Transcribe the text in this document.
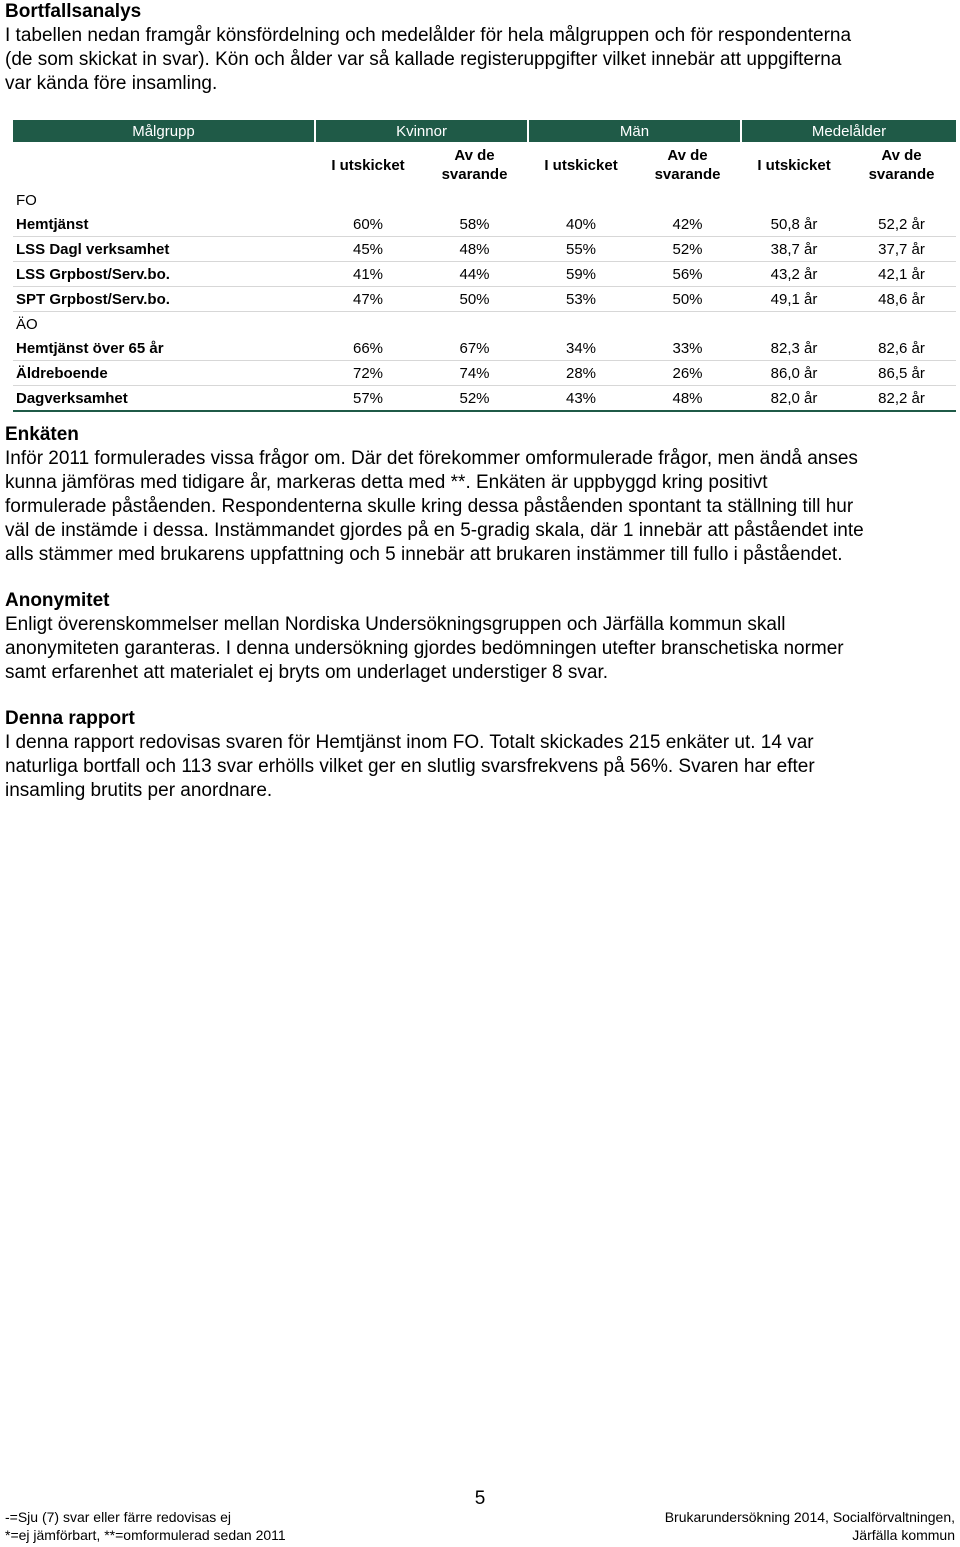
Bortfallsanalys

I tabellen nedan framgår könsfördelning och medelålder för hela målgruppen och för respondenterna

(de som skickat in svar). Kön och ålder var så kallade registeruppgifter vilket innebär att uppgifterna

var kända före insamling.

Målgrupp	Kvinnor		Män		Medelålder	
	I utskicket	Av de svarande	I utskicket	Av de svarande	I utskicket	Av de svarande
FO						
Hemtjänst	60%	58%	40%	42%	50,8 år	52,2 år
LSS Dagl verksamhet	45%	48%	55%	52%	38,7 år	37,7 år
LSS Grpbost/Serv.bo.	41%	44%	59%	56%	43,2 år	42,1 år
SPT Grpbost/Serv.bo.	47%	50%	53%	50%	49,1 år	48,6 år
ÄO						
Hemtjänst över 65 år	66%	67%	34%	33%	82,3 år	82,6 år
Äldreboende	72%	74%	28%	26%	86,0 år	86,5 år
Dagverksamhet	57%	52%	43%	48%	82,0 år	82,2 år

Enkäten

Inför 2011 formulerades vissa frågor om. Där det förekommer omformulerade frågor, men ändå anses

kunna jämföras med tidigare år, markeras detta med **. Enkäten är uppbyggd kring positivt

formulerade påståenden. Respondenterna skulle kring dessa påståenden spontant ta ställning till hur

väl de instämde i dessa. Instämmandet gjordes på en 5-gradig skala, där 1 innebär att påståendet inte

alls stämmer med brukarens uppfattning och 5 innebär att brukaren instämmer till fullo i påståendet.

Anonymitet

Enligt överenskommelser mellan Nordiska Undersökningsgruppen och Järfälla kommun skall

anonymiteten garanteras. I denna undersökning gjordes bedömningen utefter branschetiska normer

samt erfarenhet att materialet ej bryts om underlaget understiger 8 svar.

Denna rapport

I denna rapport redovisas svaren för Hemtjänst inom FO. Totalt skickades 215 enkäter ut. 14 var

naturliga bortfall och 113 svar erhölls vilket ger en slutlig svarsfrekvens på 56%. Svaren har efter

insamling brutits per anordnare.

5
-=Sju (7) svar eller färre redovisas ej
*=ej jämförbart, **=omformulerad sedan 2011
Brukarundersökning 2014, Socialförvaltningen,
Järfälla kommun
